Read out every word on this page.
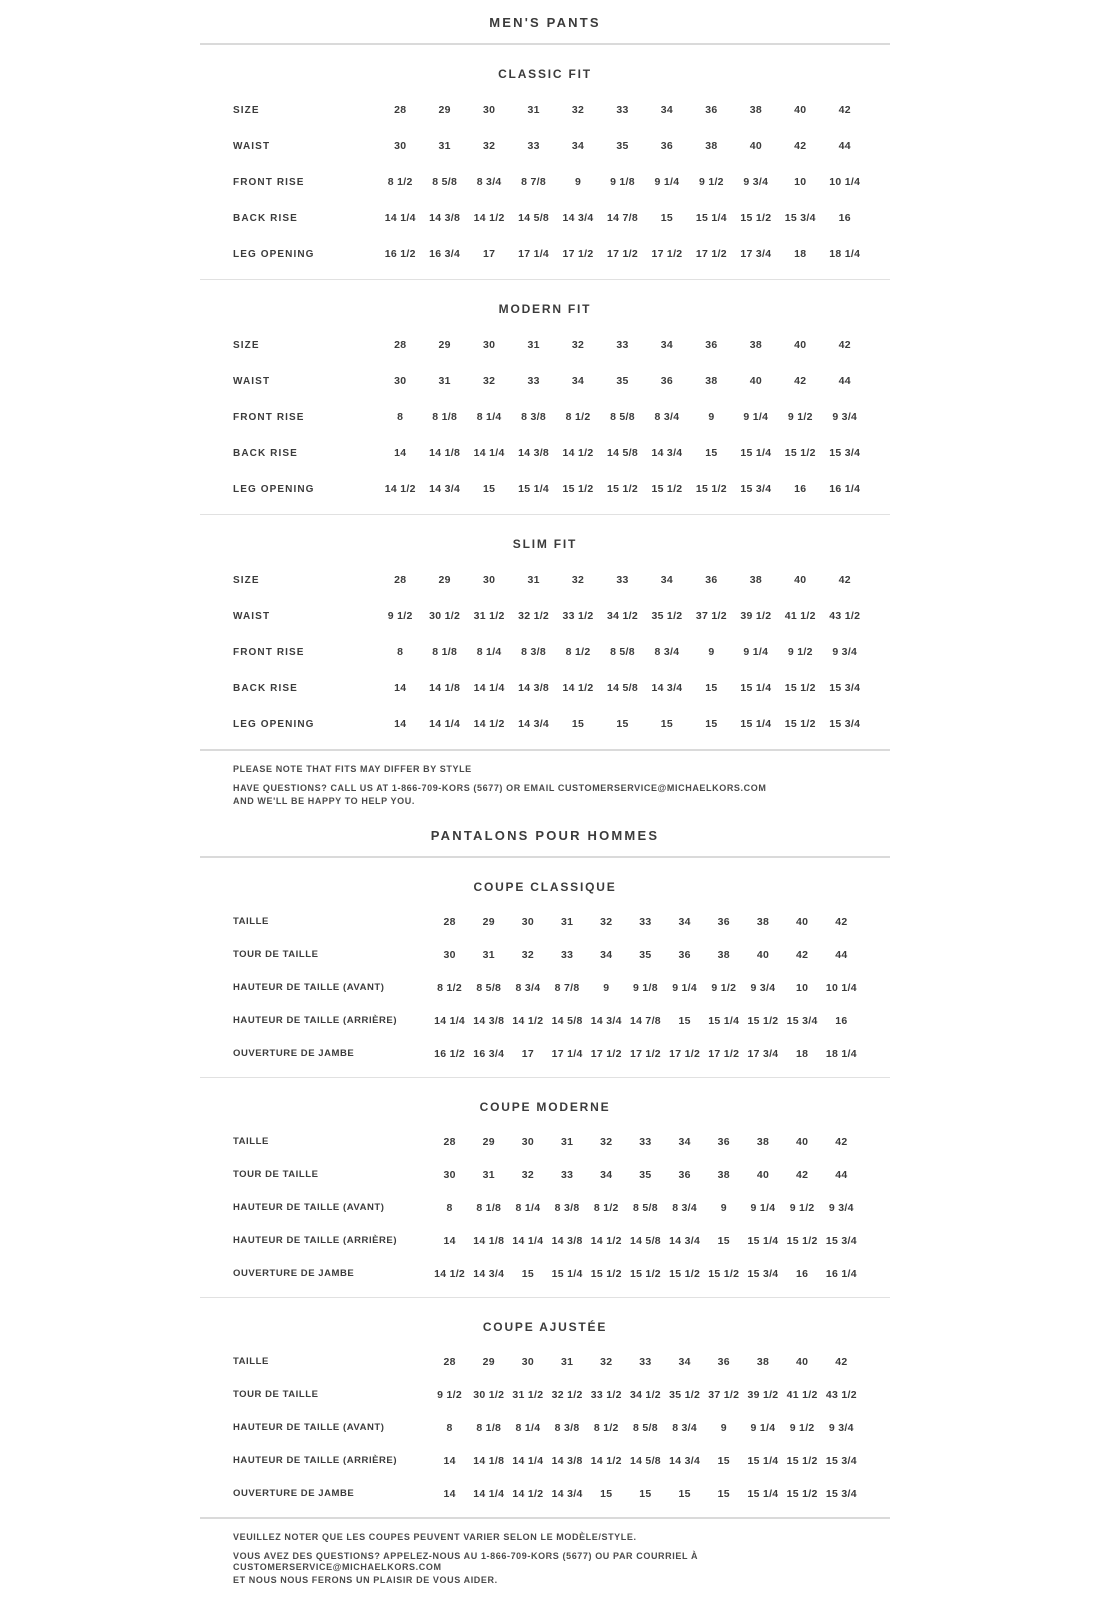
MEN'S PANTS
CLASSIC FIT
SIZE	28	29	30	31	32	33	34	36	38	40	42
WAIST	30	31	32	33	34	35	36	38	40	42	44
FRONT RISE	8 1/2	8 5/8	8 3/4	8 7/8	9	9 1/8	9 1/4	9 1/2	9 3/4	10	10 1/4
BACK RISE	14 1/4	14 3/8	14 1/2	14 5/8	14 3/4	14 7/8	15	15 1/4	15 1/2	15 3/4	16
LEG OPENING	16 1/2	16 3/4	17	17 1/4	17 1/2	17 1/2	17 1/2	17 1/2	17 3/4	18	18 1/4
MODERN FIT
SIZE	28	29	30	31	32	33	34	36	38	40	42
WAIST	30	31	32	33	34	35	36	38	40	42	44
FRONT RISE	8	8 1/8	8 1/4	8 3/8	8 1/2	8 5/8	8 3/4	9	9 1/4	9 1/2	9 3/4
BACK RISE	14	14 1/8	14 1/4	14 3/8	14 1/2	14 5/8	14 3/4	15	15 1/4	15 1/2	15 3/4
LEG OPENING	14 1/2	14 3/4	15	15 1/4	15 1/2	15 1/2	15 1/2	15 1/2	15 3/4	16	16 1/4
SLIM FIT
SIZE	28	29	30	31	32	33	34	36	38	40	42
WAIST	9 1/2	30 1/2	31 1/2	32 1/2	33 1/2	34 1/2	35 1/2	37 1/2	39 1/2	41 1/2	43 1/2
FRONT RISE	8	8 1/8	8 1/4	8 3/8	8 1/2	8 5/8	8 3/4	9	9 1/4	9 1/2	9 3/4
BACK RISE	14	14 1/8	14 1/4	14 3/8	14 1/2	14 5/8	14 3/4	15	15 1/4	15 1/2	15 3/4
LEG OPENING	14	14 1/4	14 1/2	14 3/4	15	15	15	15	15 1/4	15 1/2	15 3/4
PLEASE NOTE THAT FITS MAY DIFFER BY STYLE
HAVE QUESTIONS? CALL US AT 1-866-709-KORS (5677) OR EMAIL CUSTOMERSERVICE@MICHAELKORS.COM
AND WE'LL BE HAPPY TO HELP YOU.
PANTALONS POUR HOMMES
COUPE CLASSIQUE
TAILLE	28	29	30	31	32	33	34	36	38	40	42
TOUR DE TAILLE	30	31	32	33	34	35	36	38	40	42	44
HAUTEUR DE TAILLE (AVANT)	8 1/2	8 5/8	8 3/4	8 7/8	9	9 1/8	9 1/4	9 1/2	9 3/4	10	10 1/4
HAUTEUR DE TAILLE (ARRIÈRE)	14 1/4	14 3/8	14 1/2	14 5/8	14 3/4	14 7/8	15	15 1/4	15 1/2	15 3/4	16
OUVERTURE DE JAMBE	16 1/2	16 3/4	17	17 1/4	17 1/2	17 1/2	17 1/2	17 1/2	17 3/4	18	18 1/4
COUPE MODERNE
TAILLE	28	29	30	31	32	33	34	36	38	40	42
TOUR DE TAILLE	30	31	32	33	34	35	36	38	40	42	44
HAUTEUR DE TAILLE (AVANT)	8	8 1/8	8 1/4	8 3/8	8 1/2	8 5/8	8 3/4	9	9 1/4	9 1/2	9 3/4
HAUTEUR DE TAILLE (ARRIÈRE)	14	14 1/8	14 1/4	14 3/8	14 1/2	14 5/8	14 3/4	15	15 1/4	15 1/2	15 3/4
OUVERTURE DE JAMBE	14 1/2	14 3/4	15	15 1/4	15 1/2	15 1/2	15 1/2	15 1/2	15 3/4	16	16 1/4
COUPE AJUSTÉE
TAILLE	28	29	30	31	32	33	34	36	38	40	42
TOUR DE TAILLE	9 1/2	30 1/2	31 1/2	32 1/2	33 1/2	34 1/2	35 1/2	37 1/2	39 1/2	41 1/2	43 1/2
HAUTEUR DE TAILLE (AVANT)	8	8 1/8	8 1/4	8 3/8	8 1/2	8 5/8	8 3/4	9	9 1/4	9 1/2	9 3/4
HAUTEUR DE TAILLE (ARRIÈRE)	14	14 1/8	14 1/4	14 3/8	14 1/2	14 5/8	14 3/4	15	15 1/4	15 1/2	15 3/4
OUVERTURE DE JAMBE	14	14 1/4	14 1/2	14 3/4	15	15	15	15	15 1/4	15 1/2	15 3/4
VEUILLEZ NOTER QUE LES COUPES PEUVENT VARIER SELON LE MODÈLE/STYLE.
VOUS AVEZ DES QUESTIONS? APPELEZ-NOUS AU 1-866-709-KORS (5677) OU PAR COURRIEL À CUSTOMERSERVICE@MICHAELKORS.COM
ET NOUS NOUS FERONS UN PLAISIR DE VOUS AIDER.
